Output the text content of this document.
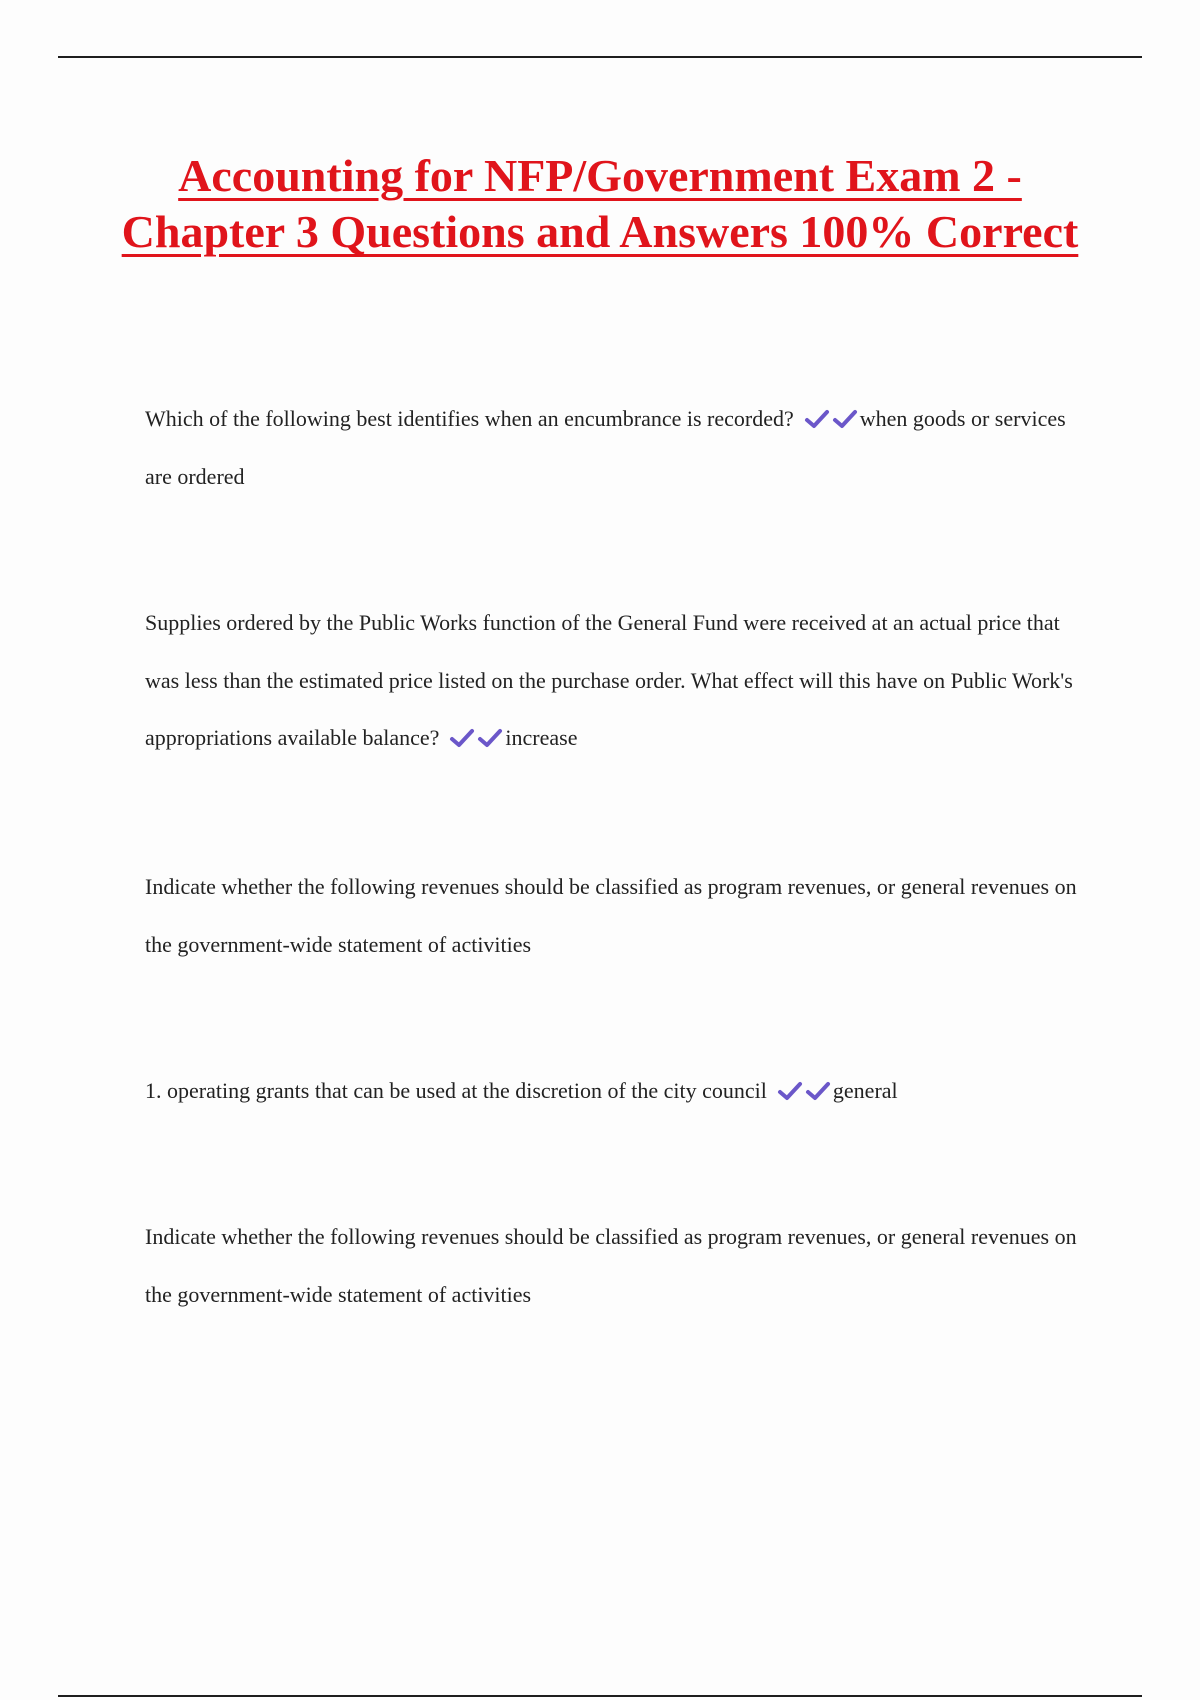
Accounting for NFP/Government Exam 2 - Chapter 3 Questions and Answers 100% Correct

Which of the following best identifies when an encumbrance is recorded?	when goods or services are ordered

Supplies ordered by the Public Works function of the General Fund were received at an actual price that was less than the estimated price listed on the purchase order. What effect will this have on Public Work's appropriations available balance?	increase

Indicate whether the following revenues should be classified as program revenues, or general revenues on the government-wide statement of activities

1. operating grants that can be used at the discretion of the city council	general

Indicate whether the following revenues should be classified as program revenues, or general revenues on the government-wide statement of activities
